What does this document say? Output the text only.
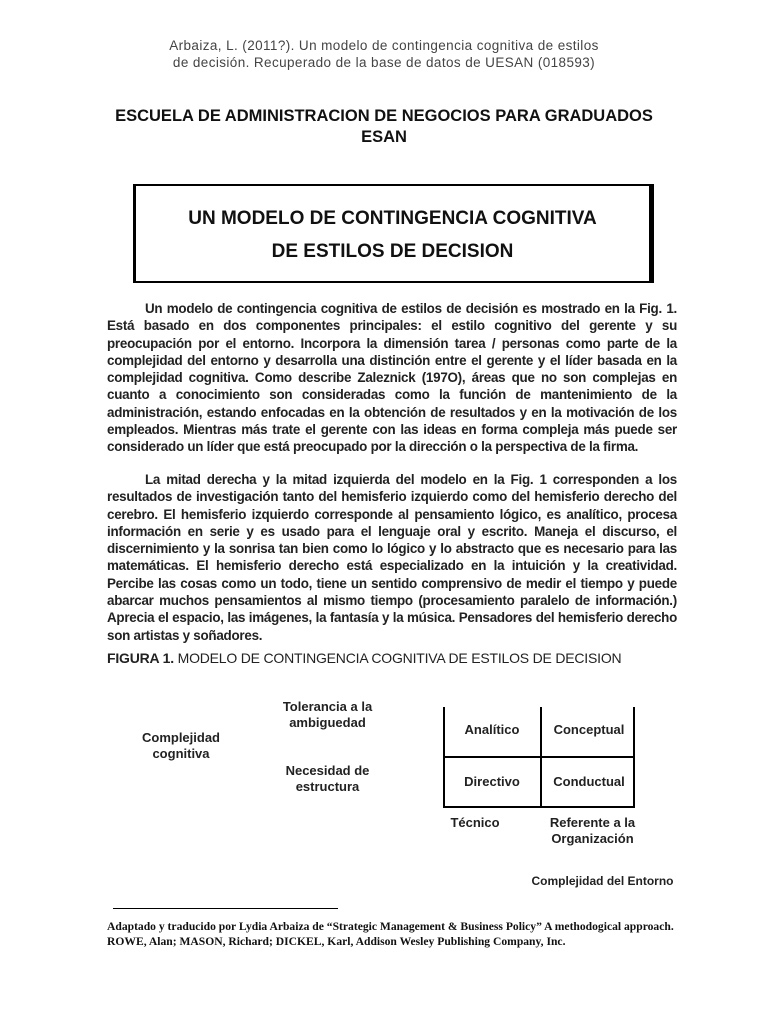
Arbaiza, L. (2011?). Un modelo de contingencia cognitiva de estilos
de decisión. Recuperado de la base de datos de UESAN (018593)
ESCUELA DE ADMINISTRACION DE NEGOCIOS PARA GRADUADOS
ESAN
UN MODELO DE CONTINGENCIA COGNITIVA
DE ESTILOS DE DECISION

Un modelo de contingencia cognitiva de estilos de decisión es mostrado en la Fig. 1. Está basado en dos componentes principales: el estilo cognitivo del gerente y su preocupación por el entorno. Incorpora la dimensión tarea / personas como parte de la complejidad del entorno y desarrolla una distinción entre el gerente y el líder basada en la complejidad cognitiva. Como describe Zaleznick (197O), áreas que no son complejas en cuanto a conocimiento son consideradas como la función de mantenimiento de la administración, estando enfocadas en la obtención de resultados y en la motivación de los empleados. Mientras más trate el gerente con las ideas en forma compleja más puede ser considerado un líder que está preocupado por la dirección o la perspectiva de la firma.

La mitad derecha y la mitad izquierda del modelo en la Fig. 1 corresponden a los resultados de investigación tanto del hemisferio izquierdo como del hemisferio derecho del cerebro. El hemisferio izquierdo corresponde al pensamiento lógico, es analítico, procesa información en serie y es usado para el lenguaje oral y escrito. Maneja el discurso, el discernimiento y la sonrisa tan bien como lo lógico y lo abstracto que es necesario para las matemáticas. El hemisferio derecho está especializado en la intuición y la creatividad. Percibe las cosas como un todo, tiene un sentido comprensivo de medir el tiempo y puede abarcar muchos pensamientos al mismo tiempo (procesamiento paralelo de información.) Aprecia el espacio, las imágenes, la fantasía y la música. Pensadores del hemisferio derecho son artistas y soñadores.

FIGURA 1. MODELO DE CONTINGENCIA COGNITIVA DE ESTILOS DE DECISION
Complejidad cognitiva
Tolerancia a la ambiguedad
Necesidad de estructura
Analítico	Conceptual
Directivo	Conductual
Técnico	Referente a la Organización
Complejidad del Entorno
Adaptado y traducido por Lydia Arbaiza de “Strategic Management & Business Policy” A methodogical approach. ROWE, Alan; MASON, Richard; DICKEL, Karl, Addison Wesley Publishing Company, Inc.
